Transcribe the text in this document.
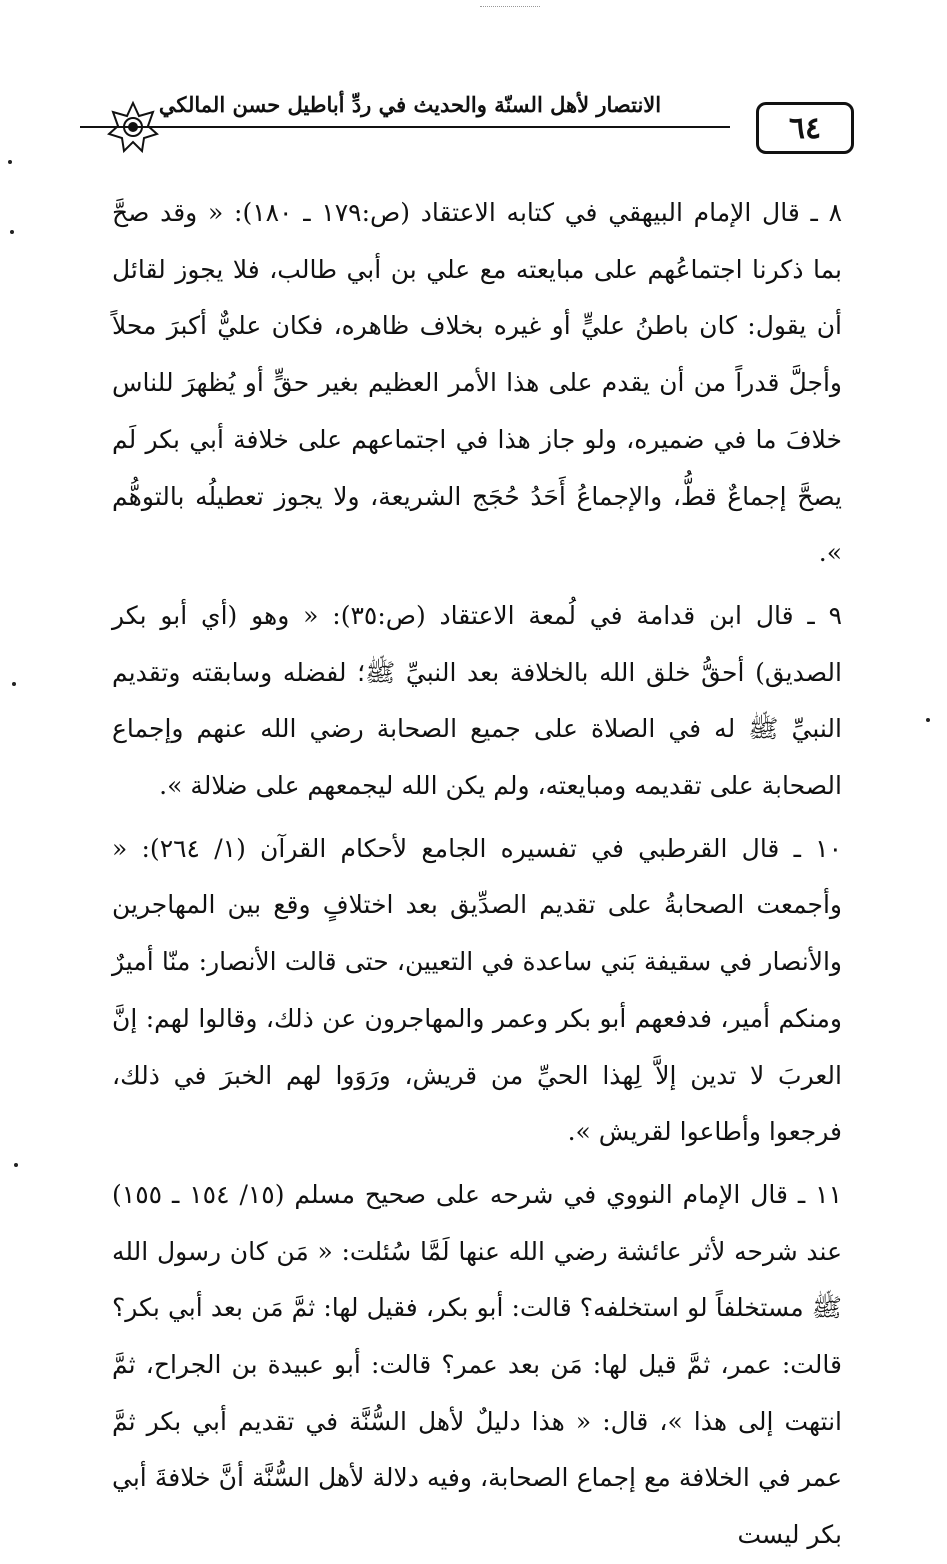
الانتصار لأهل السنّة والحديث في ردِّ أباطيل حسن المالكي
٦٤

٨ ـ قال الإمام البيهقي في كتابه الاعتقاد (ص:١٧٩ ـ ١٨٠): « وقد صحَّ بما ذكرنا اجتماعُهم على مبايعته مع علي بن أبي طالب، فلا يجوز لقائل أن يقول: كان باطنُ عليٍّ أو غيره بخلاف ظاهره، فكان عليٌّ أكبرَ محلاً وأجلَّ قدراً من أن يقدم على هذا الأمر العظيم بغير حقٍّ أو يُظهرَ للناس خلافَ ما في ضميره، ولو جاز هذا في اجتماعهم على خلافة أبي بكر لَم يصحَّ إجماعٌ قطُّ، والإجماعُ أَحَدُ حُجَج الشريعة، ولا يجوز تعطيلُه بالتوهُّم ».

٩ ـ قال ابن قدامة في لُمعة الاعتقاد (ص:٣٥): « وهو (أي أبو بكر الصديق) أحقُّ خلق الله بالخلافة بعد النبيِّ ﷺ؛ لفضله وسابقته وتقديم النبيِّ ﷺ له في الصلاة على جميع الصحابة رضي الله عنهم وإجماع الصحابة على تقديمه ومبايعته، ولم يكن الله ليجمعهم على ضلالة ».

١٠ ـ قال القرطبي في تفسيره الجامع لأحكام القرآن (١/ ٢٦٤): « وأجمعت الصحابةُ على تقديم الصدِّيق بعد اختلافٍ وقع بين المهاجرين والأنصار في سقيفة بَني ساعدة في التعيين، حتى قالت الأنصار: منّا أميرٌ ومنكم أمير، فدفعهم أبو بكر وعمر والمهاجرون عن ذلك، وقالوا لهم: إنَّ العربَ لا تدين إلاَّ لِهذا الحيِّ من قريش، ورَوَوا لهم الخبرَ في ذلك، فرجعوا وأطاعوا لقريش ».

١١ ـ قال الإمام النووي في شرحه على صحيح مسلم (١٥/ ١٥٤ ـ ١٥٥) عند شرحه لأثر عائشة رضي الله عنها لَمَّا سُئلت: « مَن كان رسول الله ﷺ مستخلفاً لو استخلفه؟ قالت: أبو بكر، فقيل لها: ثمَّ مَن بعد أبي بكر؟ قالت: عمر، ثمَّ قيل لها: مَن بعد عمر؟ قالت: أبو عبيدة بن الجراح، ثمَّ انتهت إلى هذا »، قال: « هذا دليلٌ لأهل السُّنَّة في تقديم أبي بكر ثمَّ عمر في الخلافة مع إجماع الصحابة، وفيه دلالة لأهل السُّنَّة أنَّ خلافةَ أبي بكر ليست
